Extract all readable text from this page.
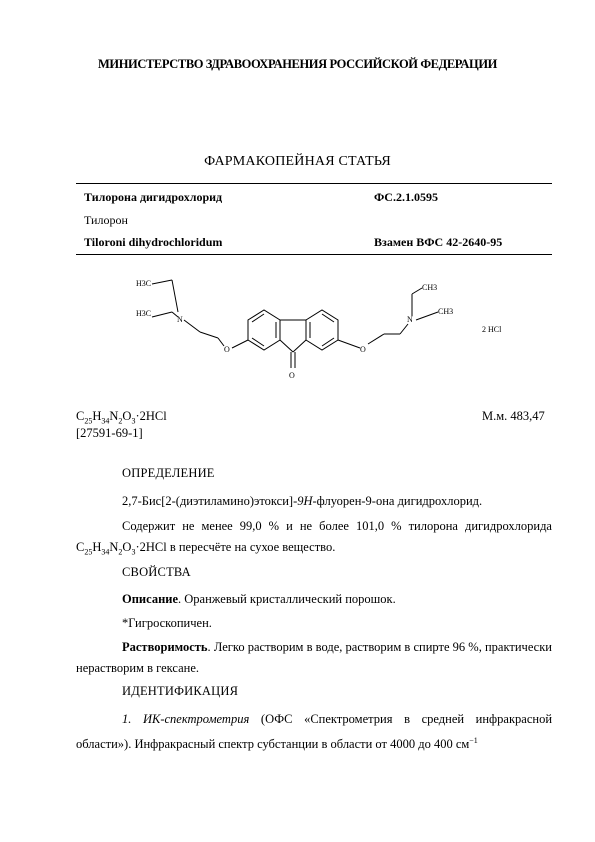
МИНИСТЕРСТВО ЗДРАВООХРАНЕНИЯ РОССИЙСКОЙ ФЕДЕРАЦИИ
ФАРМАКОПЕЙНАЯ СТАТЬЯ
Тилорона дигидрохлорид	ФС.2.1.0595
Тилорон
Tiloroni dihydrochloridum	Взамен ВФС 42-2640-95
H3C
H3C
N
O
O
O
N
CH3
CH3
2 HCl
$C_{25}H_{34}N_2O_3\cdot 2HCl$	М.м. 483,47
[27591-69-1]
ОПРЕДЕЛЕНИЕ
2,7-Бис[2-(диэтиламино)этокси]-9H-флуорен-9-она дигидрохлорид.
Содержит не менее 99,0 % и не более 101,0 % тилорона дигидрохлорида $C_{25}H_{34}N_2O_3\cdot 2HCl$ в пересчёте на сухое вещество.
СВОЙСТВА
Описание. Оранжевый кристаллический порошок.
*Гигроскопичен.
Растворимость. Легко растворим в воде, растворим в спирте 96 %, практически нерастворим в гексане.
ИДЕНТИФИКАЦИЯ
1. ИК-спектрометрия (ОФС «Спектрометрия в средней инфракрасной области»). Инфракрасный спектр субстанции в области от 4000 до 400 $см^{-1}$
